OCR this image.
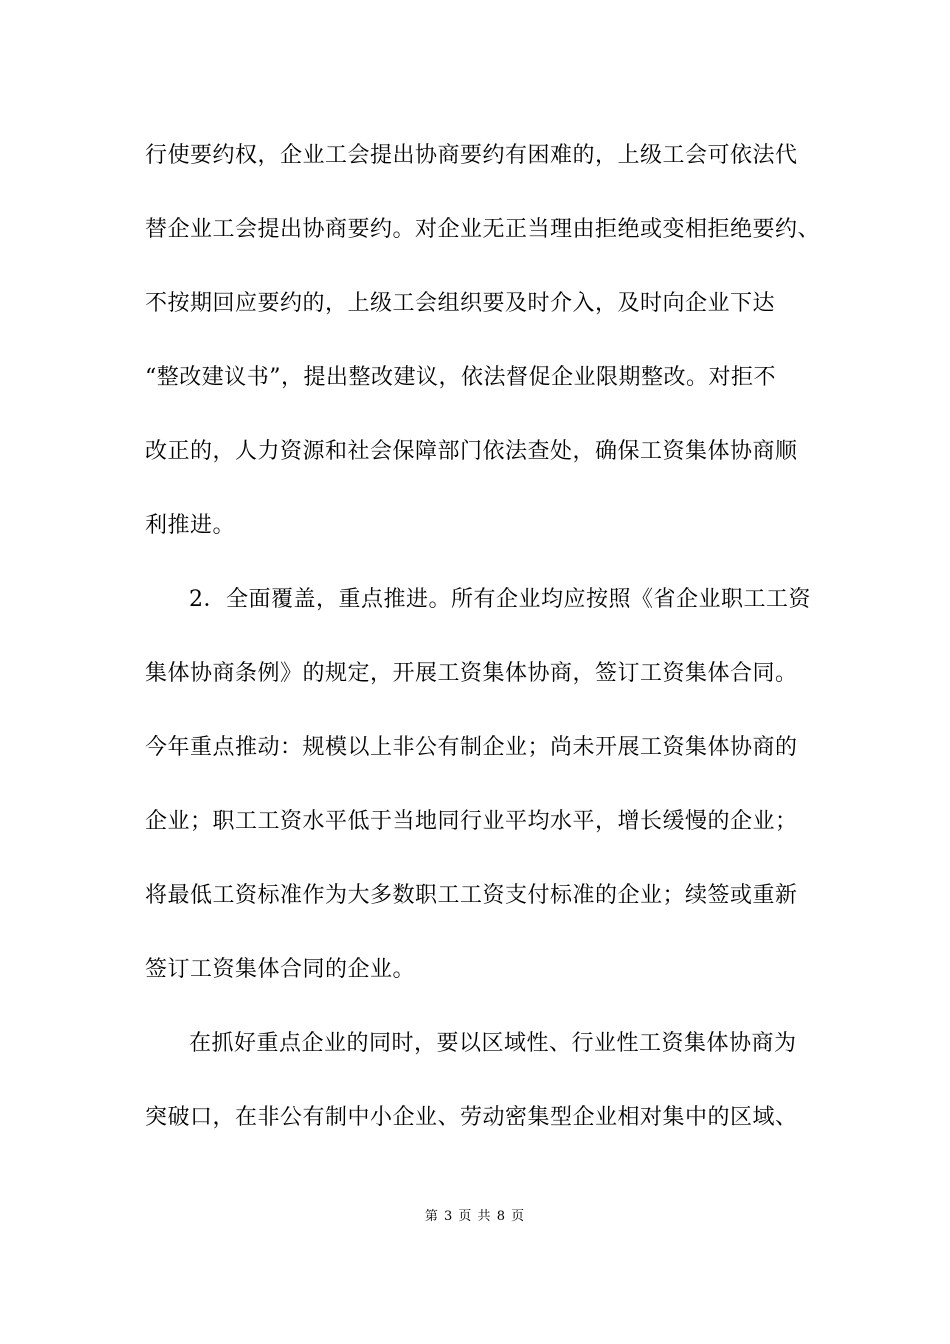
行使要约权，企业工会提出协商要约有困难的，上级工会可依法代
替企业工会提出协商要约。对企业无正当理由拒绝或变相拒绝要约、
不按期回应要约的，上级工会组织要及时介入，及时向企业下达
“整改建议书”，提出整改建议，依法督促企业限期整改。对拒不
改正的，人力资源和社会保障部门依法查处，确保工资集体协商顺
利推进。
2．全面覆盖，重点推进。所有企业均应按照《省企业职工工资
集体协商条例》的规定，开展工资集体协商，签订工资集体合同。
今年重点推动：规模以上非公有制企业；尚未开展工资集体协商的
企业；职工工资水平低于当地同行业平均水平，增长缓慢的企业；
将最低工资标准作为大多数职工工资支付标准的企业；续签或重新
签订工资集体合同的企业。
在抓好重点企业的同时，要以区域性、行业性工资集体协商为
突破口，在非公有制中小企业、劳动密集型企业相对集中的区域、
第 3 页 共 8 页
